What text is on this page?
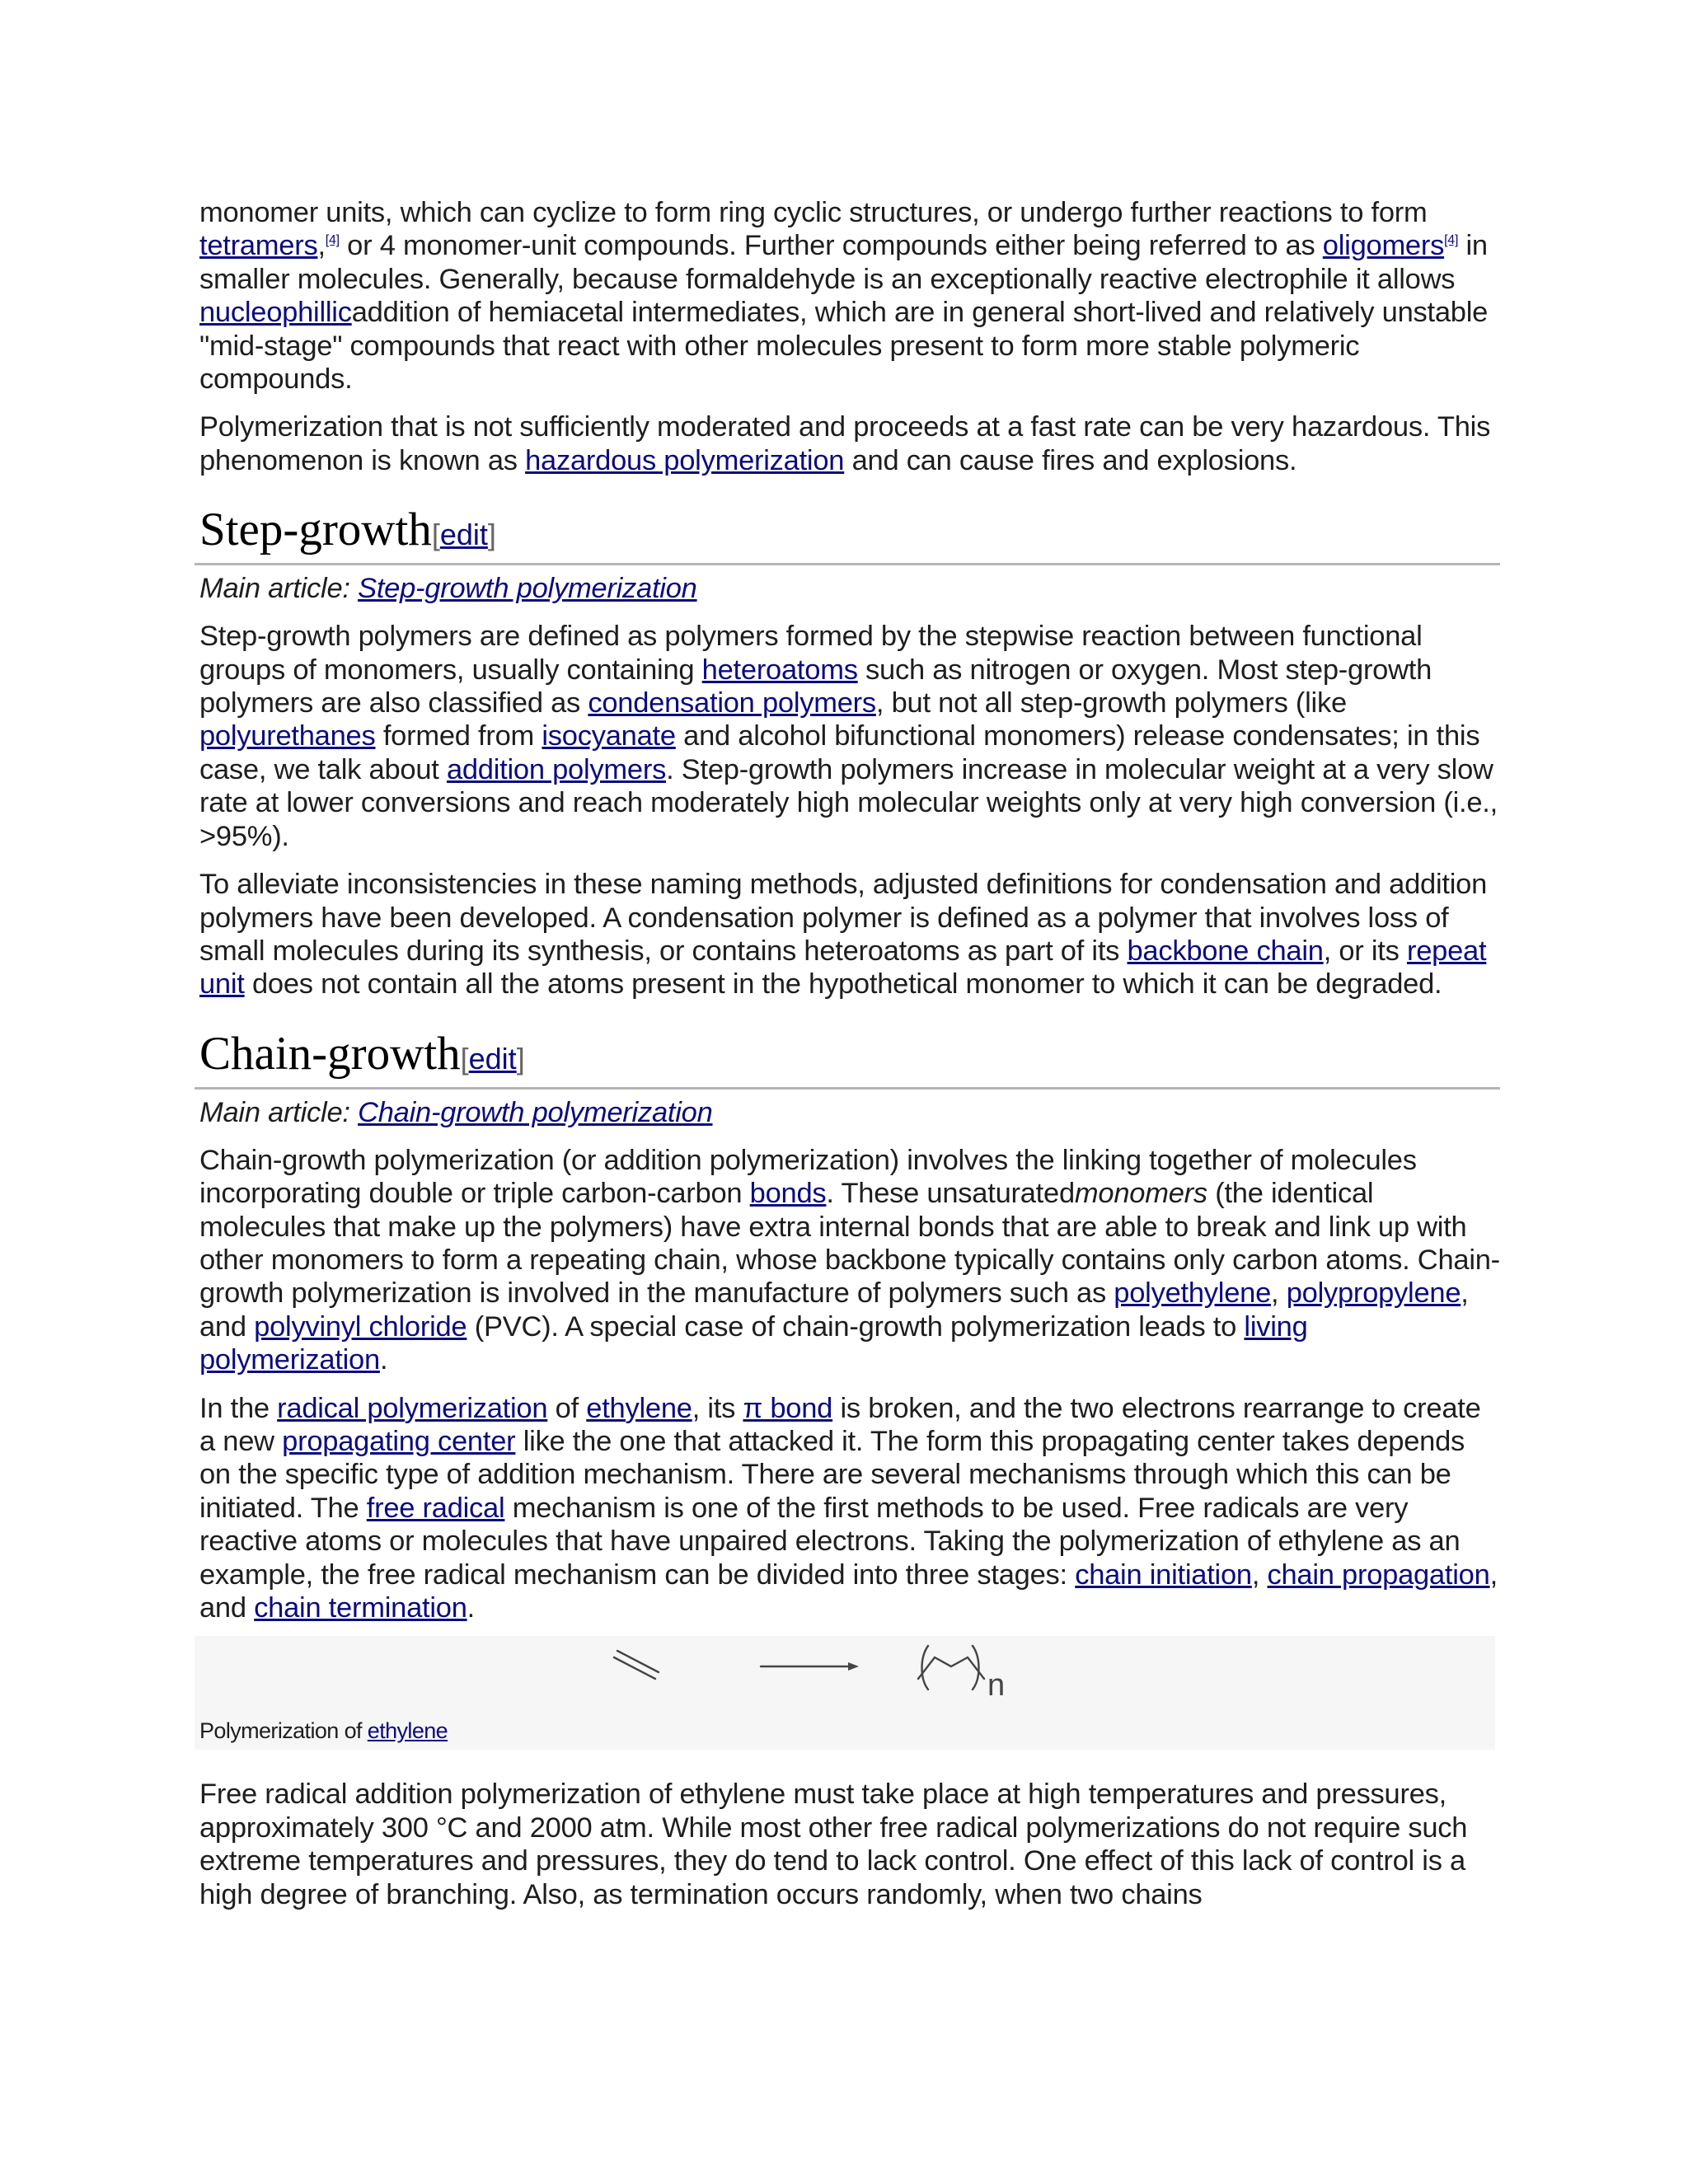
monomer units, which can cyclize to form ring cyclic structures, or undergo further reactions to form tetramers,[4] or 4 monomer-unit compounds. Further compounds either being referred to as oligomers[4] in smaller molecules. Generally, because formaldehyde is an exceptionally reactive electrophile it allows nucleophillicaddition of hemiacetal intermediates, which are in general short-lived and relatively unstable "mid-stage" compounds that react with other molecules present to form more stable polymeric compounds.

Polymerization that is not sufficiently moderated and proceeds at a fast rate can be very hazardous. This phenomenon is known as hazardous polymerization and can cause fires and explosions.

Step-growth[edit]

Main article: Step-growth polymerization

Step-growth polymers are defined as polymers formed by the stepwise reaction between functional groups of monomers, usually containing heteroatoms such as nitrogen or oxygen. Most step-growth polymers are also classified as condensation polymers, but not all step-growth polymers (like polyurethanes formed from isocyanate and alcohol bifunctional monomers) release condensates; in this case, we talk about addition polymers. Step-growth polymers increase in molecular weight at a very slow rate at lower conversions and reach moderately high molecular weights only at very high conversion (i.e., >95%).

To alleviate inconsistencies in these naming methods, adjusted definitions for condensation and addition polymers have been developed. A condensation polymer is defined as a polymer that involves loss of small molecules during its synthesis, or contains heteroatoms as part of its backbone chain, or its repeat unit does not contain all the atoms present in the hypothetical monomer to which it can be degraded.

Chain-growth[edit]

Main article: Chain-growth polymerization

Chain-growth polymerization (or addition polymerization) involves the linking together of molecules incorporating double or triple carbon-carbon bonds. These unsaturatedmonomers (the identical molecules that make up the polymers) have extra internal bonds that are able to break and link up with other monomers to form a repeating chain, whose backbone typically contains only carbon atoms. Chain-growth polymerization is involved in the manufacture of polymers such as polyethylene, polypropylene, and polyvinyl chloride (PVC). A special case of chain-growth polymerization leads to living polymerization.

In the radical polymerization of ethylene, its π bond is broken, and the two electrons rearrange to create a new propagating center like the one that attacked it. The form this propagating center takes depends on the specific type of addition mechanism. There are several mechanisms through which this can be initiated. The free radical mechanism is one of the first methods to be used. Free radicals are very reactive atoms or molecules that have unpaired electrons. Taking the polymerization of ethylene as an example, the free radical mechanism can be divided into three stages: chain initiation, chain propagation, and chain termination.

n
Polymerization of ethylene

Free radical addition polymerization of ethylene must take place at high temperatures and pressures, approximately 300 °C and 2000 atm. While most other free radical polymerizations do not require such extreme temperatures and pressures, they do tend to lack control. One effect of this lack of control is a high degree of branching. Also, as termination occurs randomly, when two chains
